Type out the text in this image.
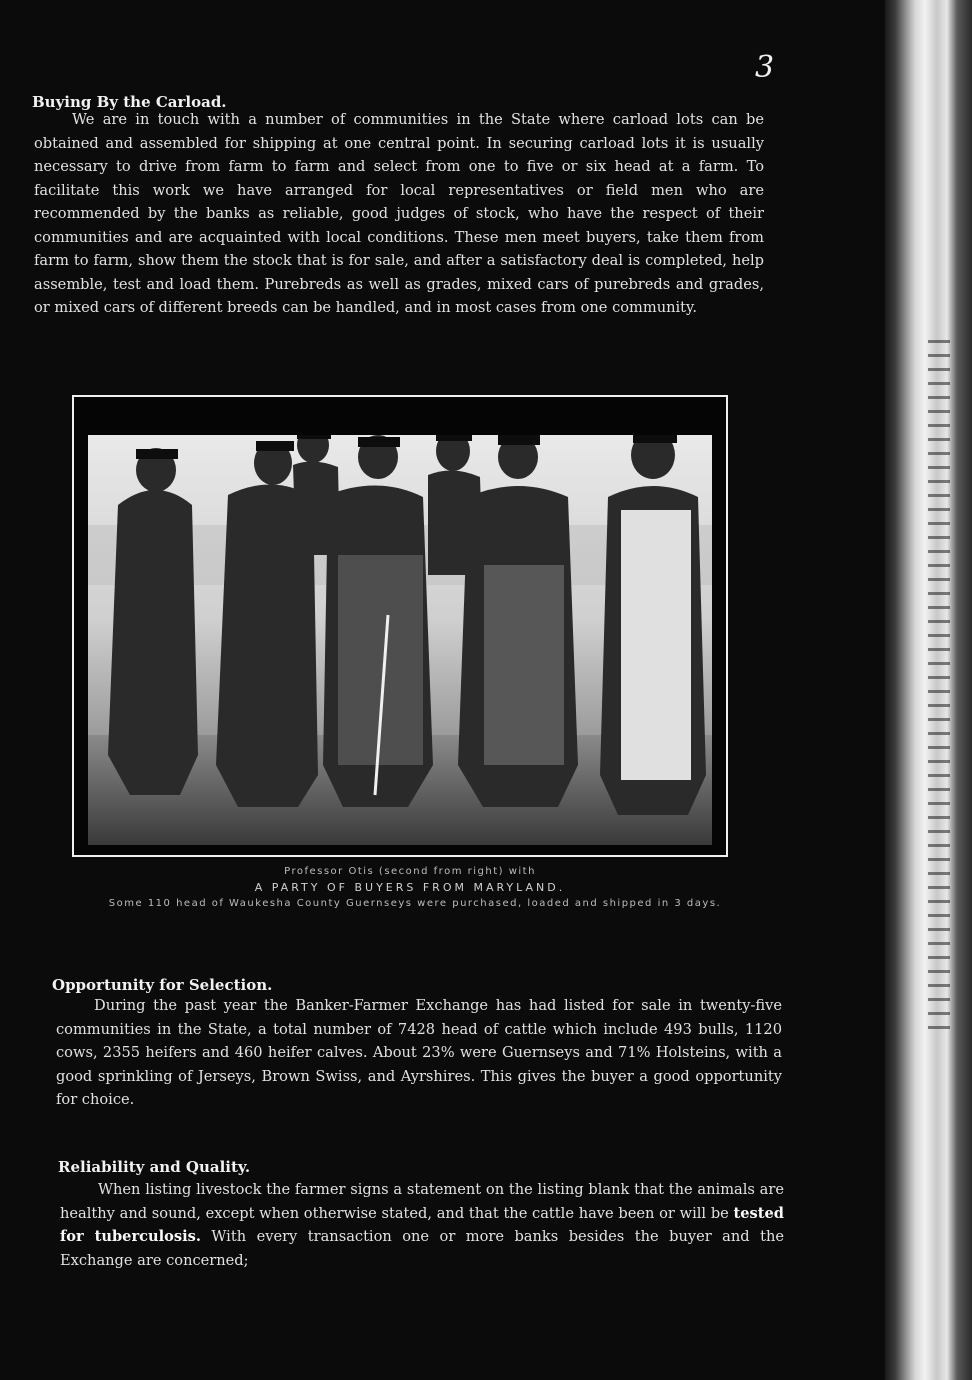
3
Buying By the Carload.

We are in touch with a number of communities in the State where carload lots can be obtained and assembled for shipping at one central point. In securing carload lots it is usually necessary to drive from farm to farm and select from one to five or six head at a farm. To facilitate this work we have arranged for local representatives or field men who are recommended by the banks as reliable, good judges of stock, who have the respect of their communities and are acquainted with local conditions. These men meet buyers, take them from farm to farm, show them the stock that is for sale, and after a satisfactory deal is completed, help assemble, test and load them. Purebreds as well as grades, mixed cars of purebreds and grades, or mixed cars of different breeds can be handled, and in most cases from one community.

Professor Otis (second from right) with
A PARTY OF BUYERS FROM MARYLAND.
Some 110 head of Waukesha County Guernseys were purchased, loaded and shipped in 3 days.
Opportunity for Selection.

During the past year the Banker-Farmer Exchange has had listed for sale in twenty-five communities in the State, a total number of 7428 head of cattle which include 493 bulls, 1120 cows, 2355 heifers and 460 heifer calves. About 23% were Guernseys and 71% Holsteins, with a good sprinkling of Jerseys, Brown Swiss, and Ayrshires. This gives the buyer a good opportunity for choice.

Reliability and Quality.

When listing livestock the farmer signs a statement on the listing blank that the animals are healthy and sound, except when otherwise stated, and that the cattle have been or will be tested for tuberculosis. With every transaction one or more banks besides the buyer and the Exchange are concerned;
